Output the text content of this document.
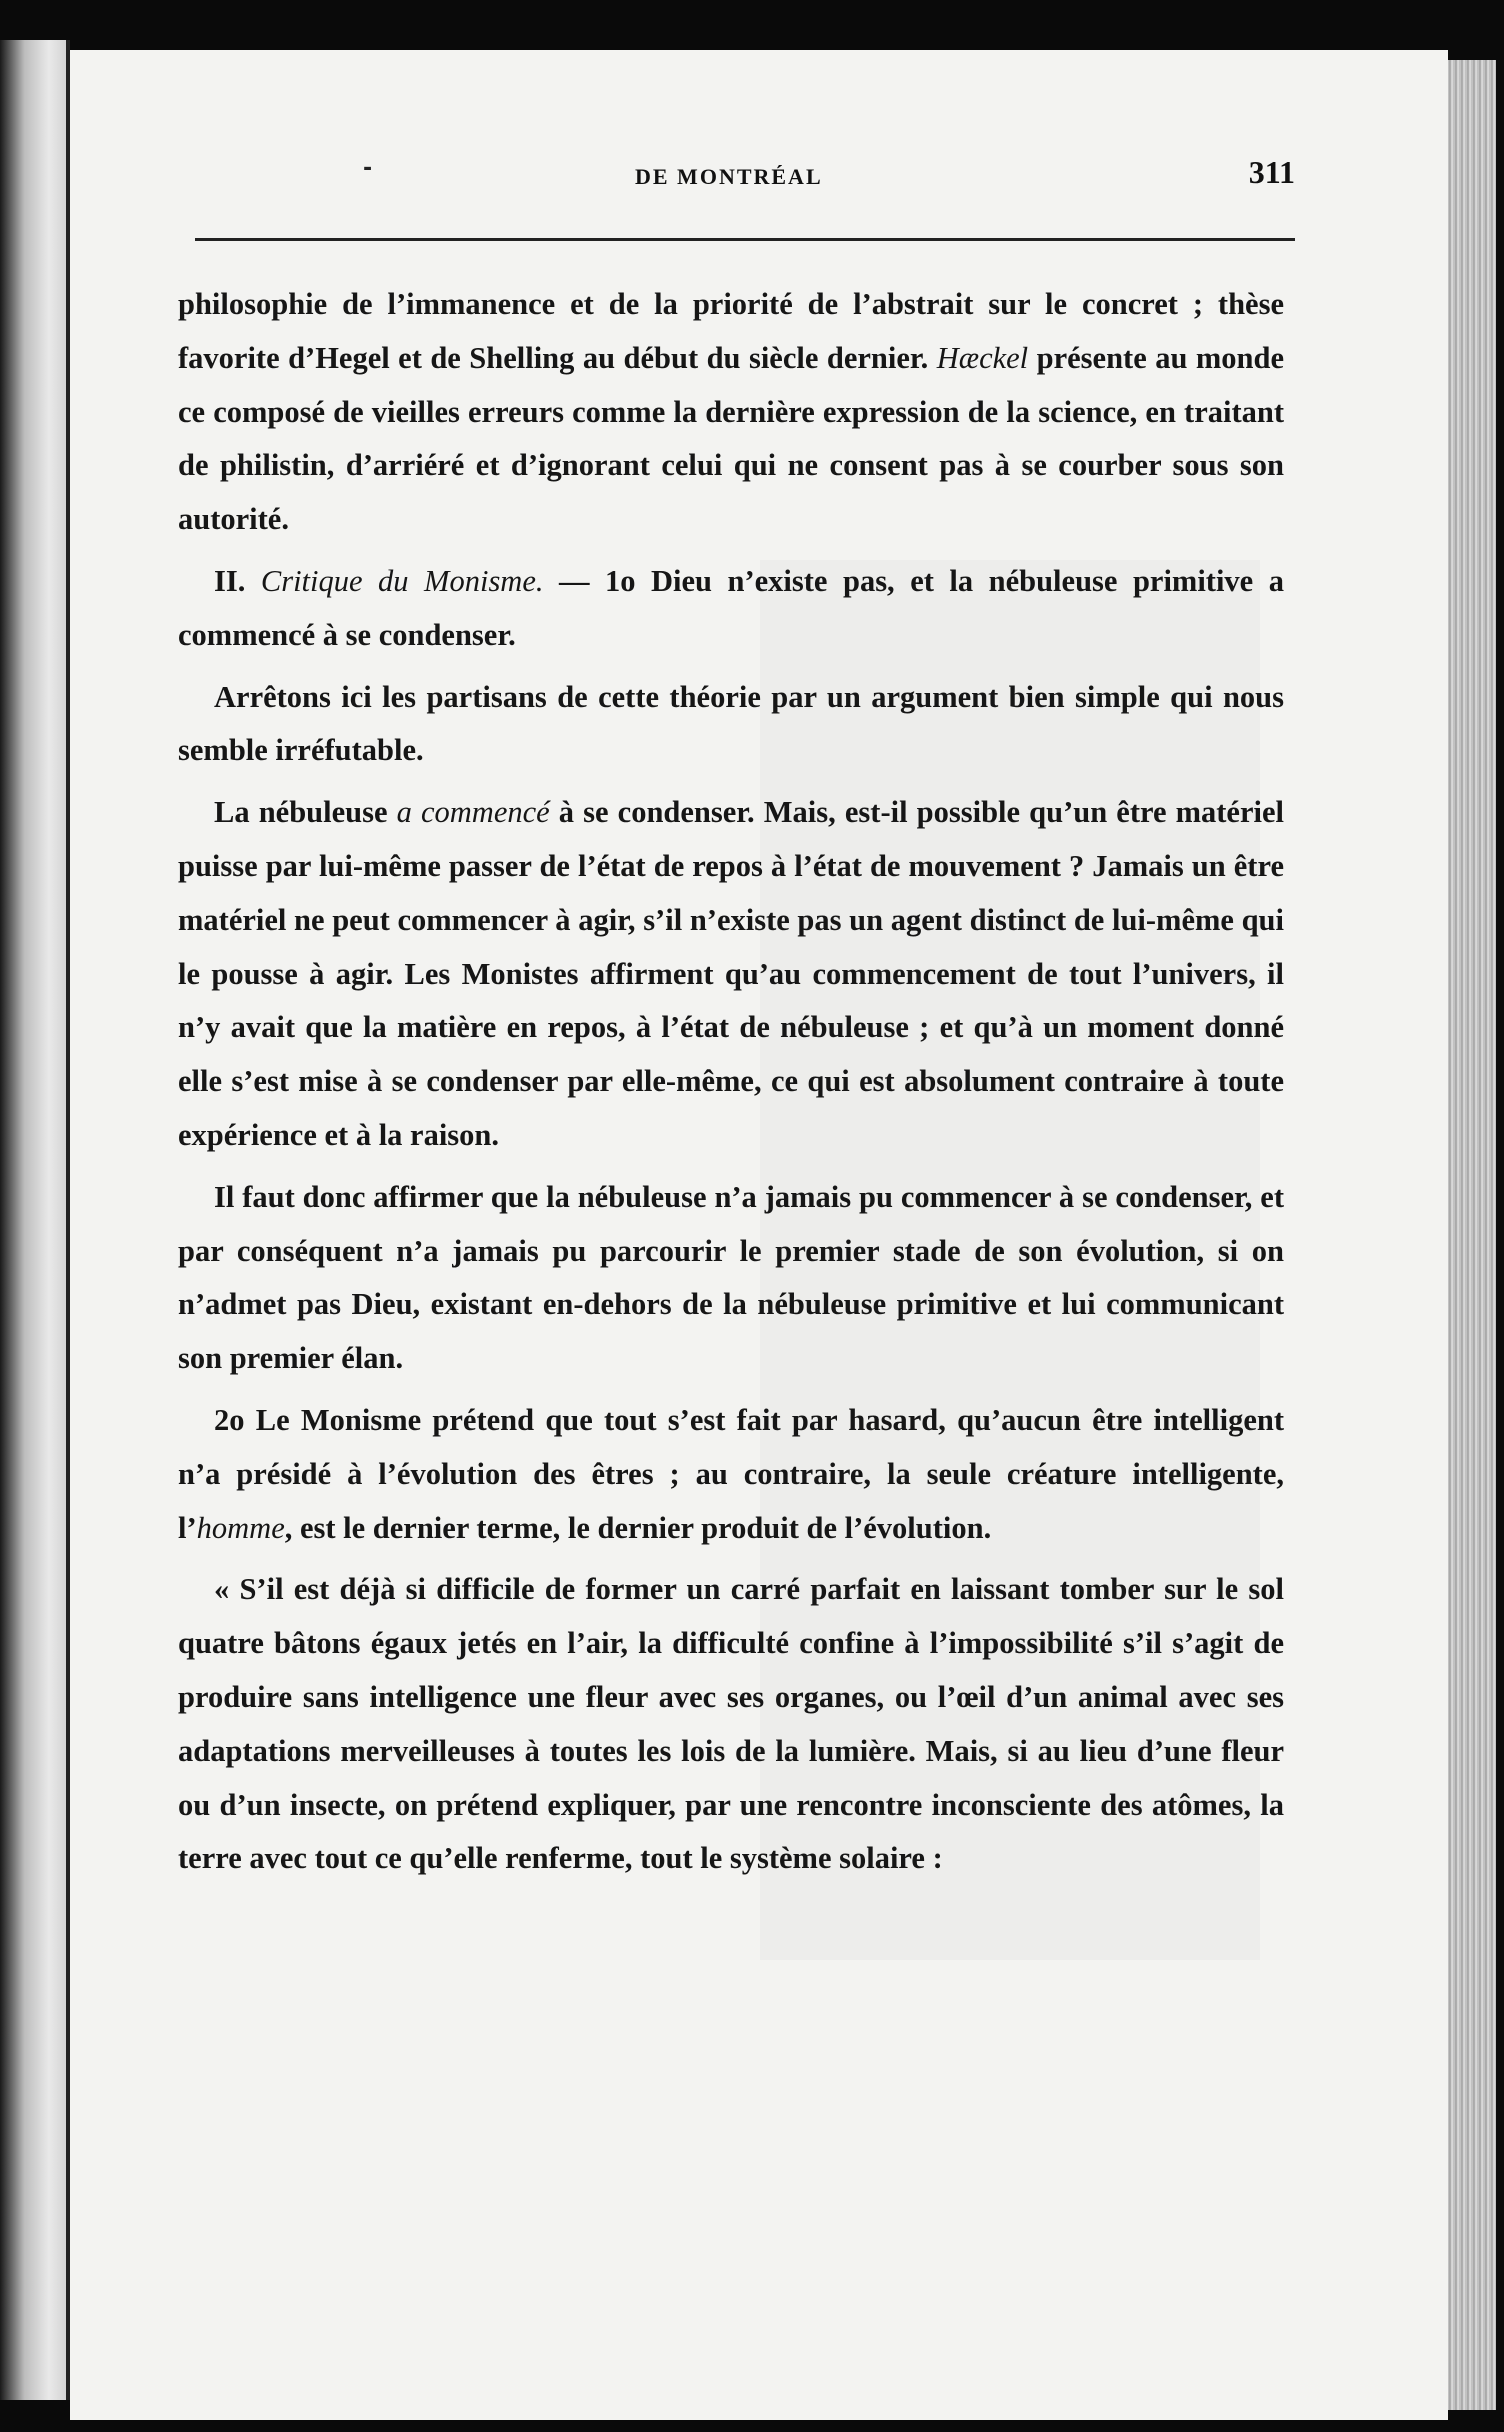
-	DE MONTRÉAL	311

philosophie de l’immanence et de la priorité de l’abstrait sur le concret ; thèse favorite d’Hegel et de Shelling au début du siècle dernier. Hæckel présente au monde ce composé de vieilles erreurs comme la dernière expression de la science, en traitant de philistin, d’arriéré et d’ignorant celui qui ne consent pas à se courber sous son autorité.

II. Critique du Monisme. — 1o Dieu n’existe pas, et la nébuleuse primitive a commencé à se condenser.

Arrêtons ici les partisans de cette théorie par un argument bien simple qui nous semble irréfutable.

La nébuleuse a commencé à se condenser. Mais, est-il possible qu’un être matériel puisse par lui-même passer de l’état de repos à l’état de mouvement ? Jamais un être matériel ne peut commencer à agir, s’il n’existe pas un agent distinct de lui-même qui le pousse à agir. Les Monistes affirment qu’au commencement de tout l’univers, il n’y avait que la matière en repos, à l’état de nébuleuse ; et qu’à un moment donné elle s’est mise à se condenser par elle-même, ce qui est absolument contraire à toute expérience et à la raison.

Il faut donc affirmer que la nébuleuse n’a jamais pu commencer à se condenser, et par conséquent n’a jamais pu parcourir le premier stade de son évolution, si on n’admet pas Dieu, existant en-dehors de la nébuleuse primitive et lui communicant son premier élan.

2o Le Monisme prétend que tout s’est fait par hasard, qu’aucun être intelligent n’a présidé à l’évolution des êtres ; au contraire, la seule créature intelligente, l’homme, est le dernier terme, le dernier produit de l’évolution.

« S’il est déjà si difficile de former un carré parfait en laissant tomber sur le sol quatre bâtons égaux jetés en l’air, la difficulté confine à l’impossibilité s’il s’agit de produire sans intelligence une fleur avec ses organes, ou l’œil d’un animal avec ses adaptations merveilleuses à toutes les lois de la lumière. Mais, si au lieu d’une fleur ou d’un insecte, on prétend expliquer, par une rencontre inconsciente des atômes, la terre avec tout ce qu’elle renferme, tout le système solaire :
